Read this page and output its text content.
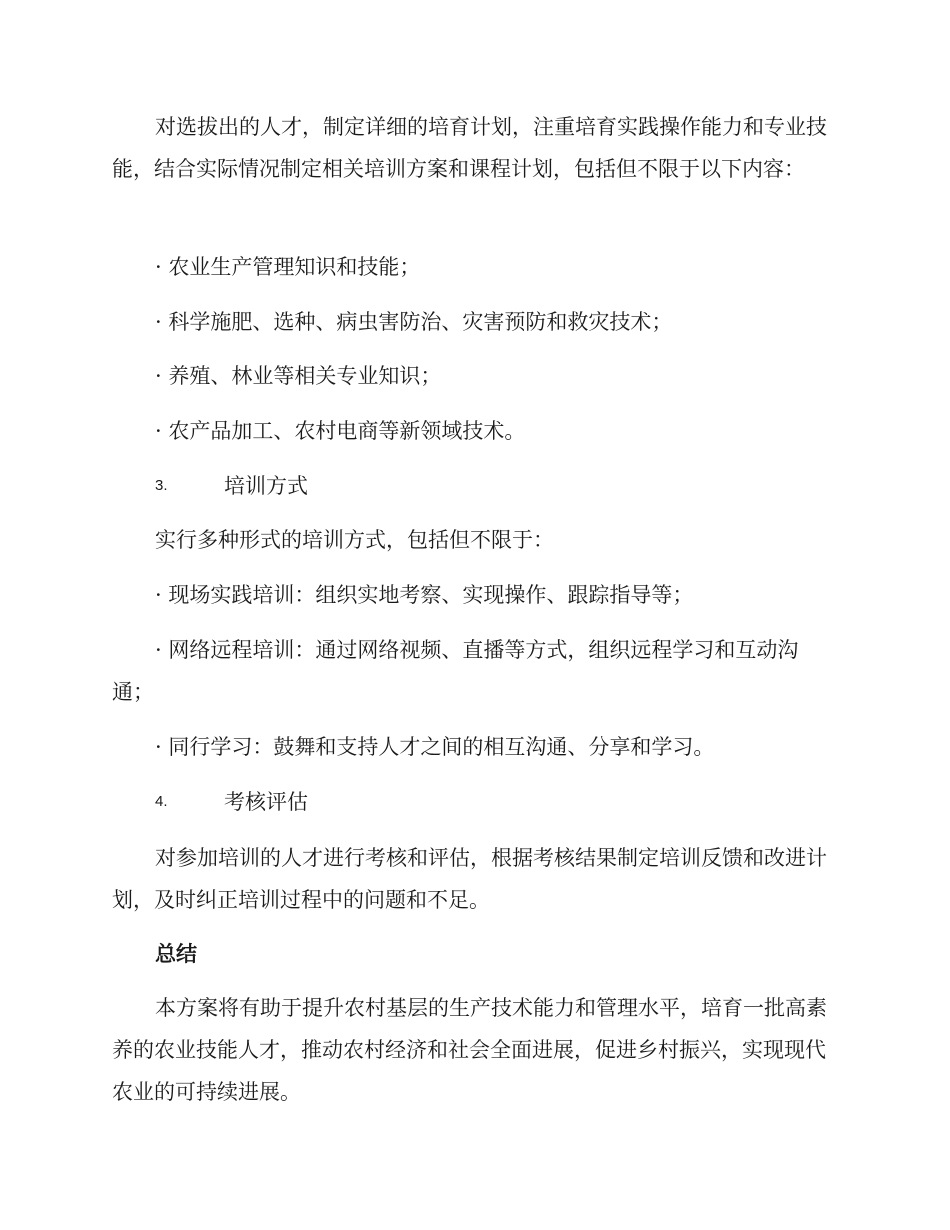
对选拔出的人才，制定详细的培育计划，注重培育实践操作能力和专业技能，结合实际情况制定相关培训方案和课程计划，包括但不限于以下内容：

· 农业生产管理知识和技能；

· 科学施肥、选种、病虫害防治、灾害预防和救灾技术；

· 养殖、林业等相关专业知识；

· 农产品加工、农村电商等新领域技术。

3.	培训方式

实行多种形式的培训方式，包括但不限于：

· 现场实践培训：组织实地考察、实现操作、跟踪指导等；

· 网络远程培训：通过网络视频、直播等方式，组织远程学习和互动沟通；

· 同行学习：鼓舞和支持人才之间的相互沟通、分享和学习。

4.	考核评估

对参加培训的人才进行考核和评估，根据考核结果制定培训反馈和改进计划，及时纠正培训过程中的问题和不足。

总结

本方案将有助于提升农村基层的生产技术能力和管理水平，培育一批高素养的农业技能人才，推动农村经济和社会全面进展，促进乡村振兴，实现现代农业的可持续进展。
